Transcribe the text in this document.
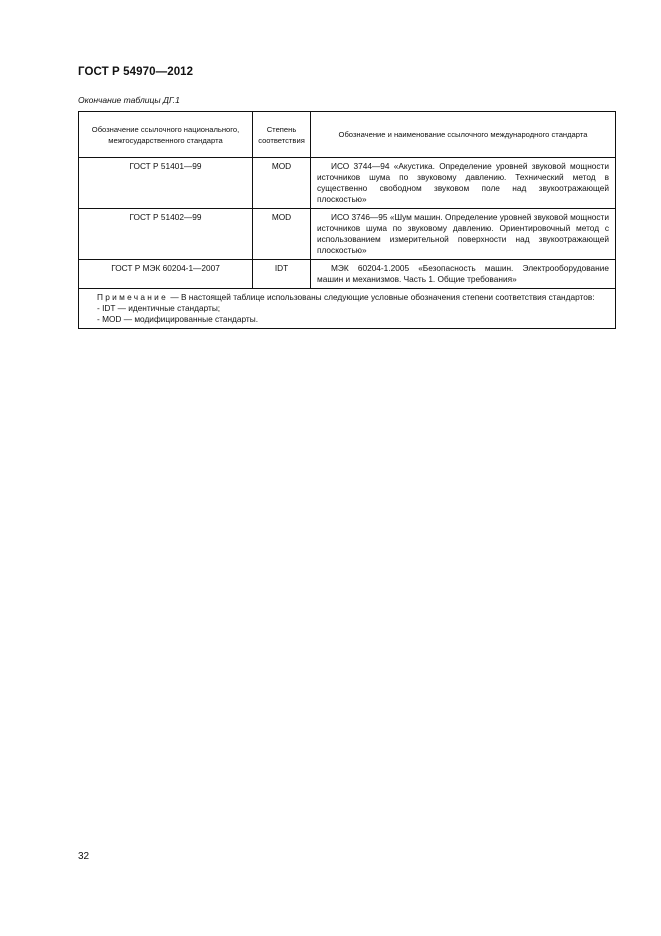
ГОСТ Р 54970—2012
Окончание таблицы ДГ.1
Обозначение ссылочного национального, межгосударственного стандарта	Степень соответствия	Обозначение и наименование ссылочного международного стандарта
ГОСТ Р 51401—99	MOD	ИСО 3744—94 «Акустика. Определение уровней звуковой мощности источников шума по звуковому давлению. Технический метод в существенно свободном звуковом поле над звукоотражающей плоскостью»
ГОСТ Р 51402—99	MOD	ИСО 3746—95 «Шум машин. Определение уровней звуковой мощности источников шума по звуковому давлению. Ориентировочный метод с использованием измерительной поверхности над звукоотражающей плоскостью»
ГОСТ Р МЭК 60204-1—2007	IDT	МЭК 60204-1.2005 «Безопасность машин. Электрооборудование машин и механизмов. Часть 1. Общие требования»

Примечание — В настоящей таблице использованы следующие условные обозначения степени соответствия стандартов:
- IDT — идентичные стандарты;
- MOD — модифицированные стандарты.		
32
